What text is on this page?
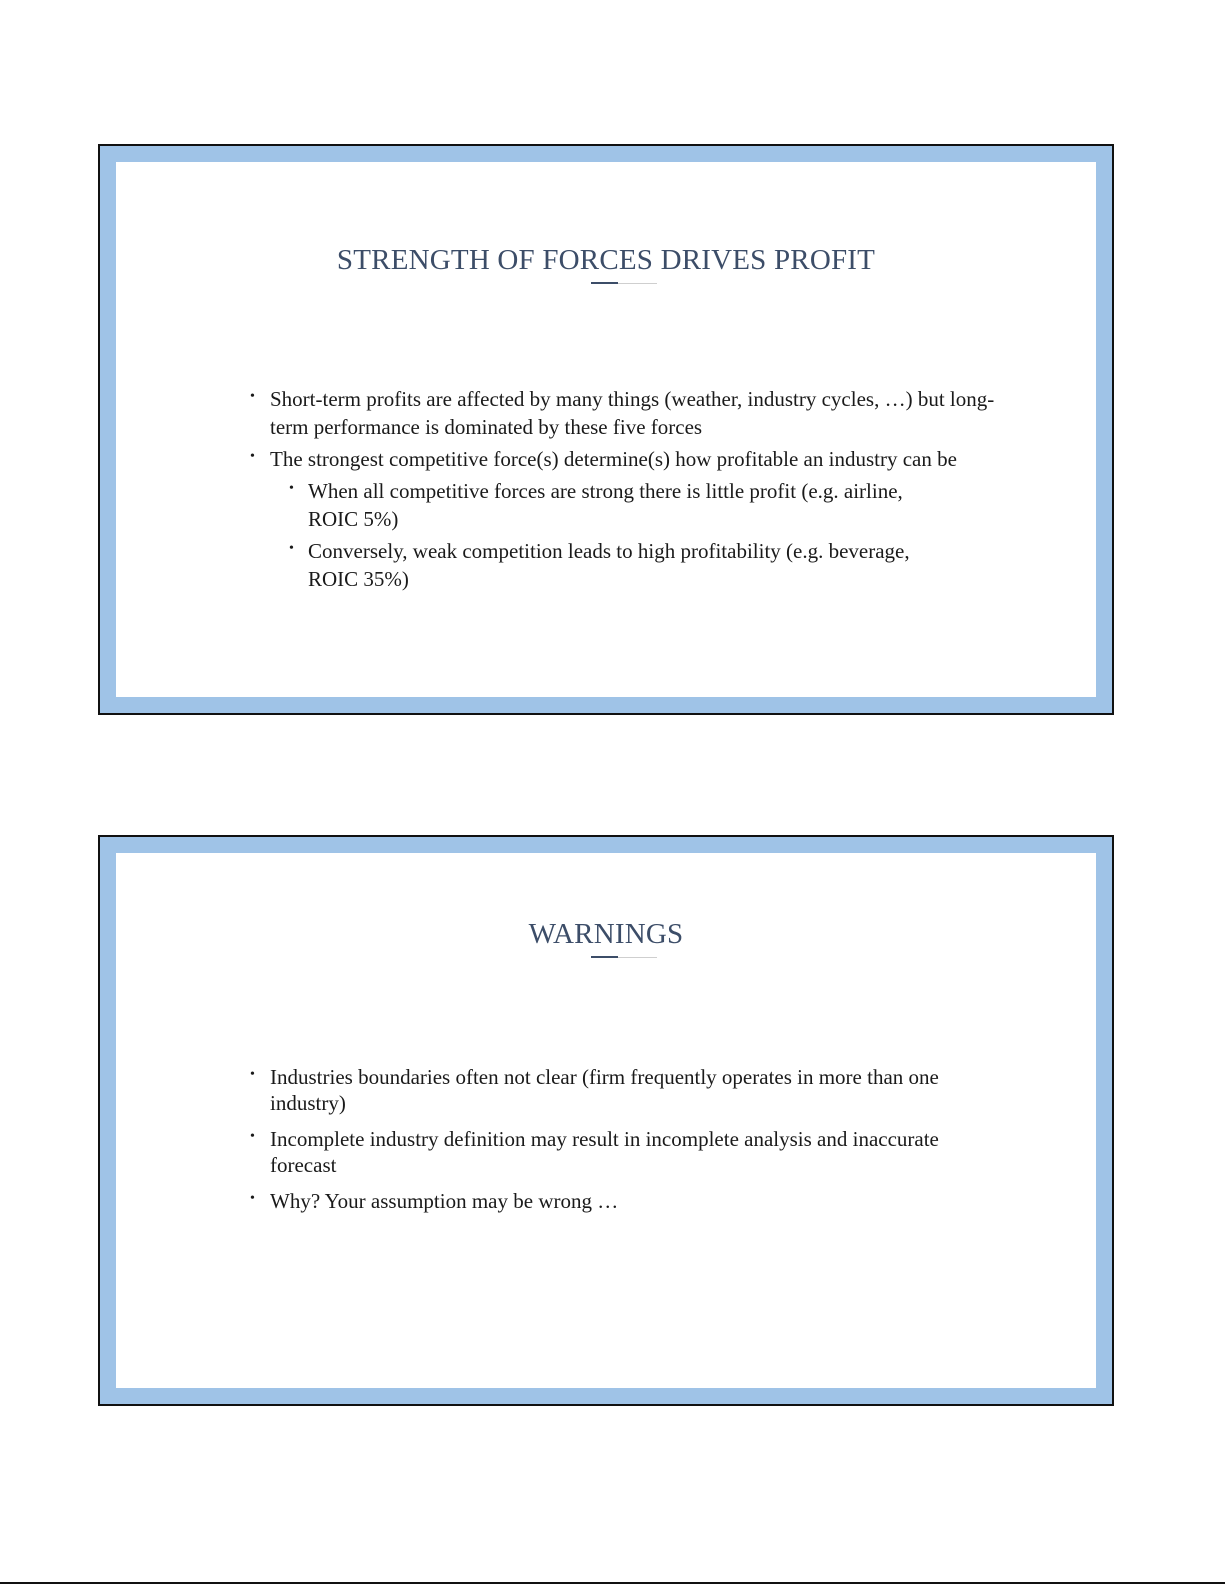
STRENGTH OF FORCES DRIVES PROFIT
• Short-term profits are affected by many things (weather, industry cycles, …) but long-term performance is dominated by these five forces
• The strongest competitive force(s) determine(s) how profitable an industry can be
• When all competitive forces are strong there is little profit (e.g. airline, ROIC 5%)
• Conversely, weak competition leads to high profitability (e.g. beverage, ROIC 35%)
WARNINGS
• Industries boundaries often not clear (firm frequently operates in more than one industry)
• Incomplete industry definition may result in incomplete analysis and inaccurate forecast
• Why? Your assumption may be wrong …
